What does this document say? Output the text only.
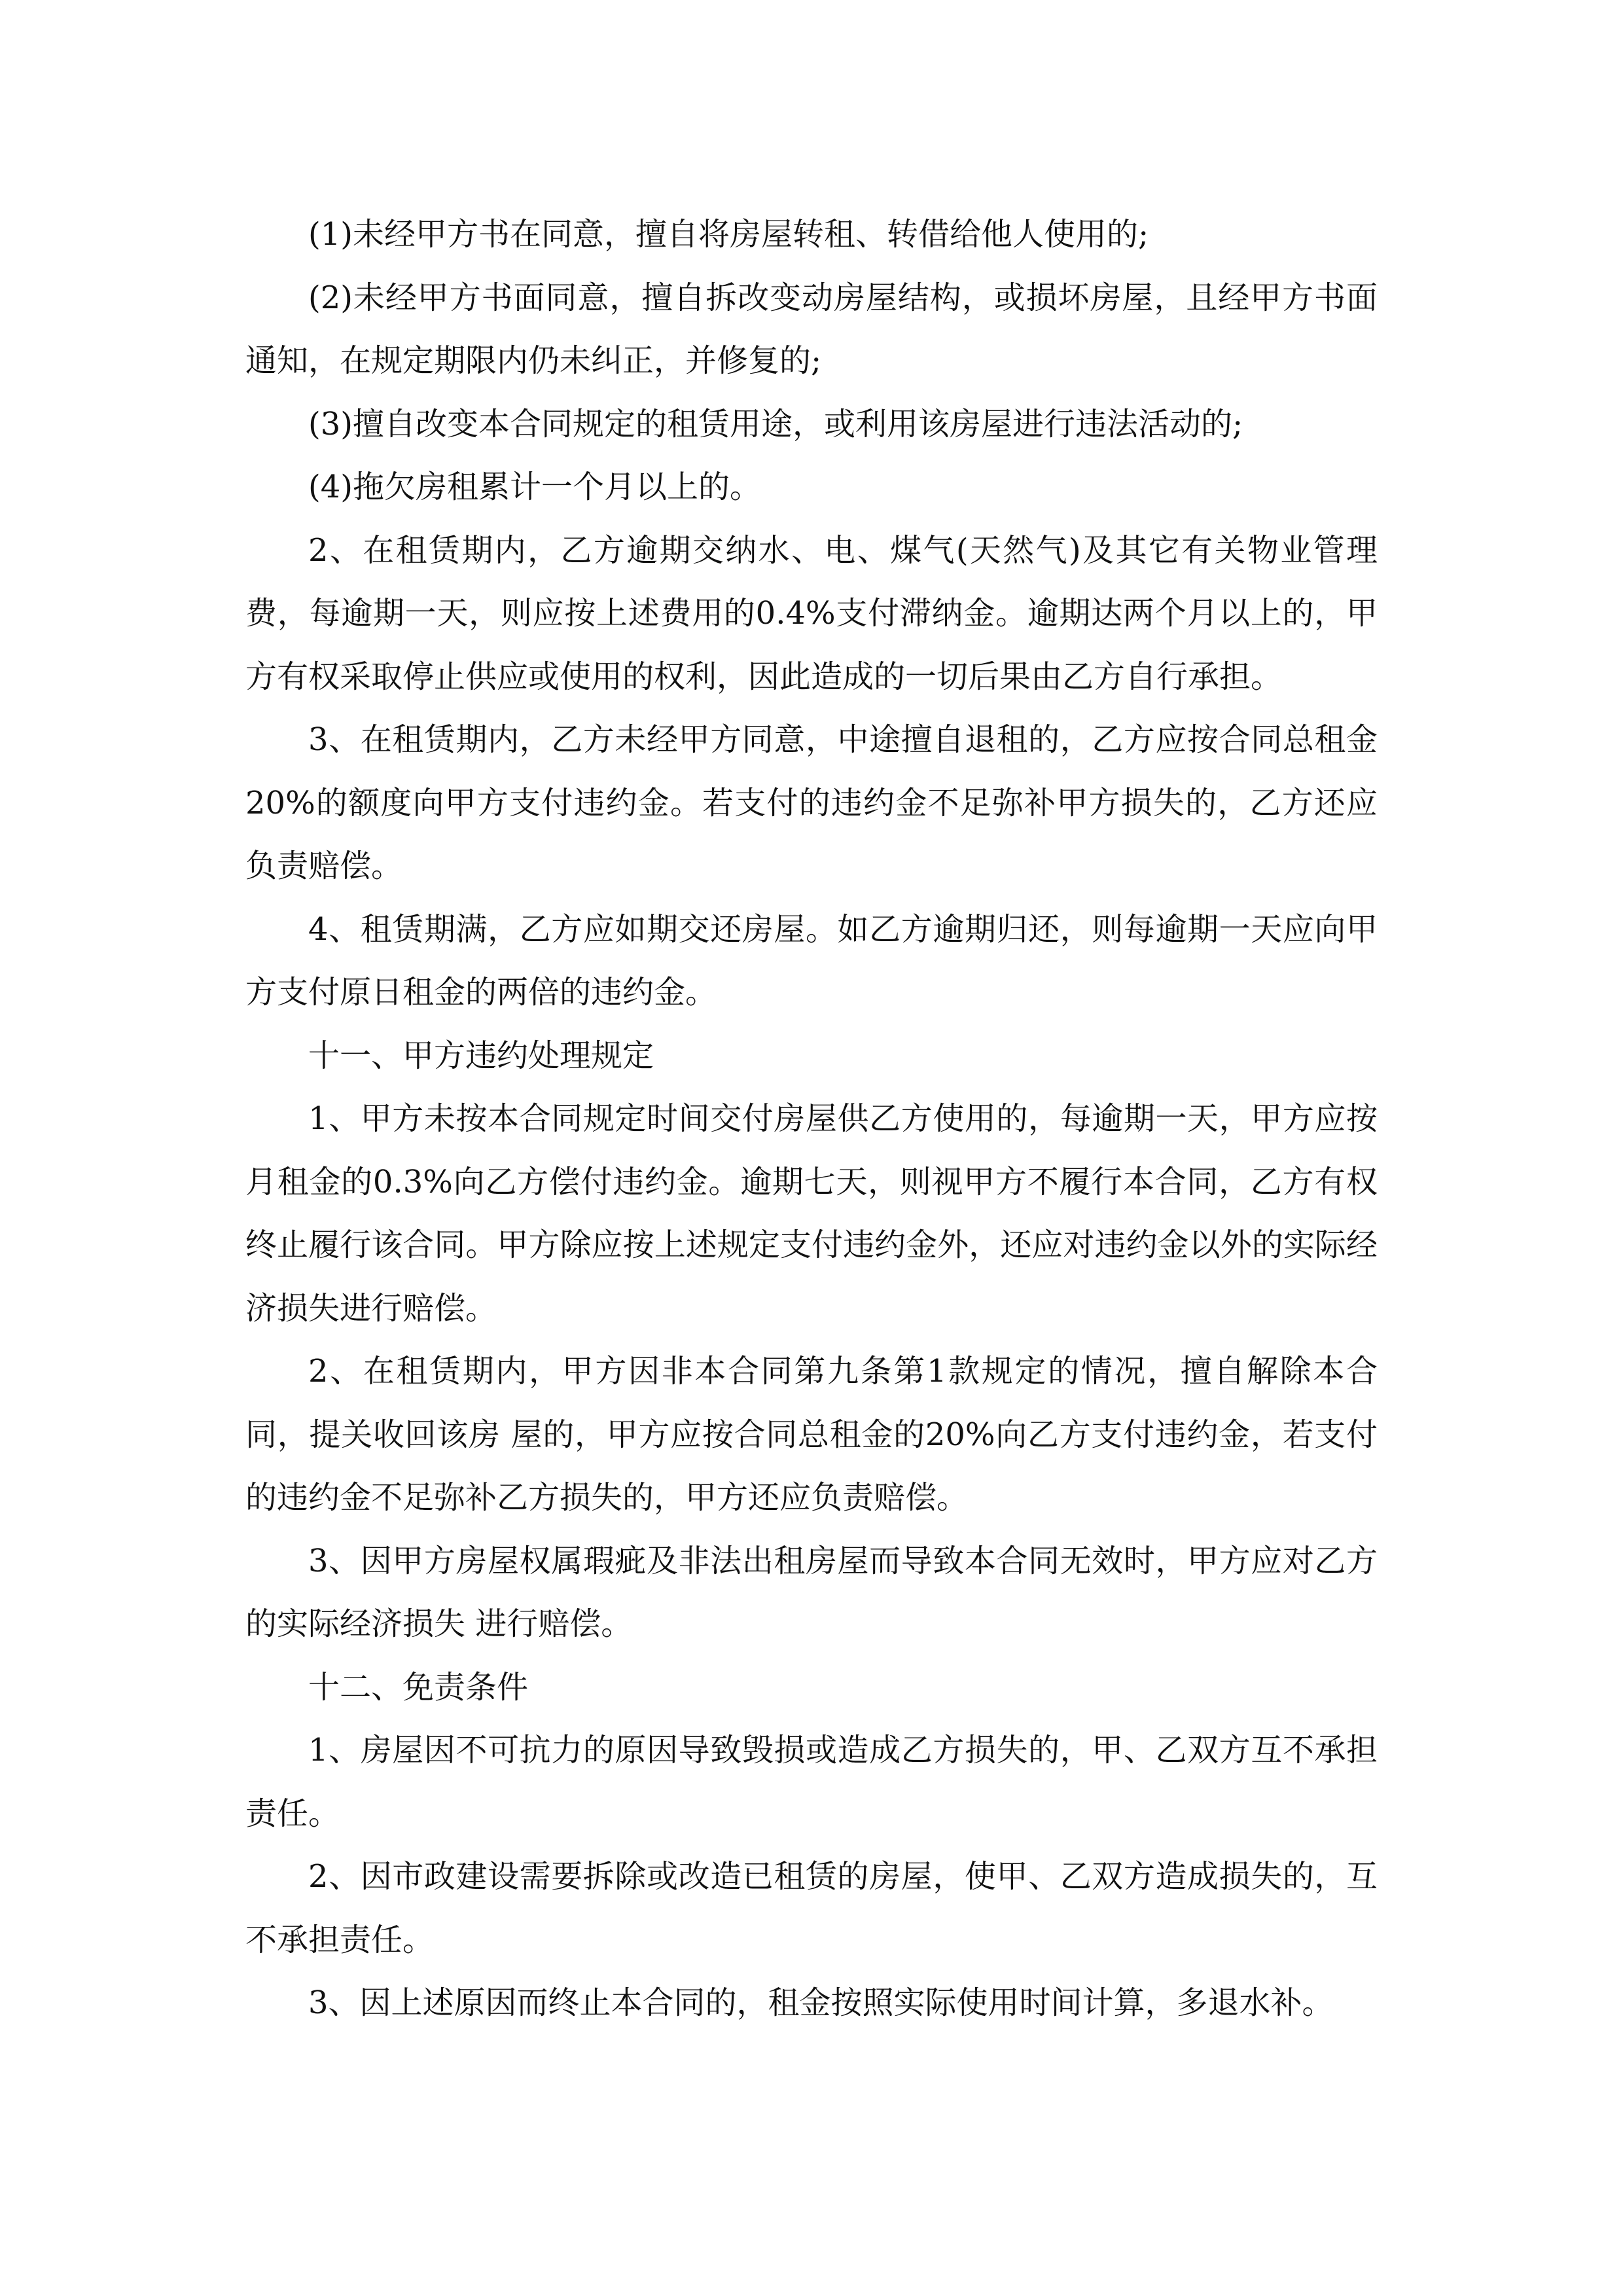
(1)未经甲方书在同意，擅自将房屋转租、转借给他人使用的;

(2)未经甲方书面同意，擅自拆改变动房屋结构，或损坏房屋，且经甲方书面通知，在规定期限内仍未纠正，并修复的;

(3)擅自改变本合同规定的租赁用途，或利用该房屋进行违法活动的;

(4)拖欠房租累计一个月以上的。

2、在租赁期内，乙方逾期交纳水、电、煤气(天然气)及其它有关物业管理费，每逾期一天，则应按上述费用的0.4%支付滞纳金。逾期达两个月以上的，甲方有权采取停止供应或使用的权利，因此造成的一切后果由乙方自行承担。

3、在租赁期内，乙方未经甲方同意，中途擅自退租的，乙方应按合同总租金20%的额度向甲方支付违约金。若支付的违约金不足弥补甲方损失的，乙方还应负责赔偿。

4、租赁期满，乙方应如期交还房屋。如乙方逾期归还，则每逾期一天应向甲方支付原日租金的两倍的违约金。

十一、甲方违约处理规定

1、甲方未按本合同规定时间交付房屋供乙方使用的，每逾期一天，甲方应按月租金的0.3%向乙方偿付违约金。逾期七天，则视甲方不履行本合同，乙方有权终止履行该合同。甲方除应按上述规定支付违约金外，还应对违约金以外的实际经济损失进行赔偿。

2、在租赁期内，甲方因非本合同第九条第1款规定的情况，擅自解除本合同，提关收回该房 屋的，甲方应按合同总租金的20%向乙方支付违约金，若支付的违约金不足弥补乙方损失的，甲方还应负责赔偿。

3、因甲方房屋权属瑕疵及非法出租房屋而导致本合同无效时，甲方应对乙方的实际经济损失 进行赔偿。

十二、免责条件

1、房屋因不可抗力的原因导致毁损或造成乙方损失的，甲、乙双方互不承担责任。

2、因市政建设需要拆除或改造已租赁的房屋，使甲、乙双方造成损失的，互不承担责任。

3、因上述原因而终止本合同的，租金按照实际使用时间计算，多退水补。
